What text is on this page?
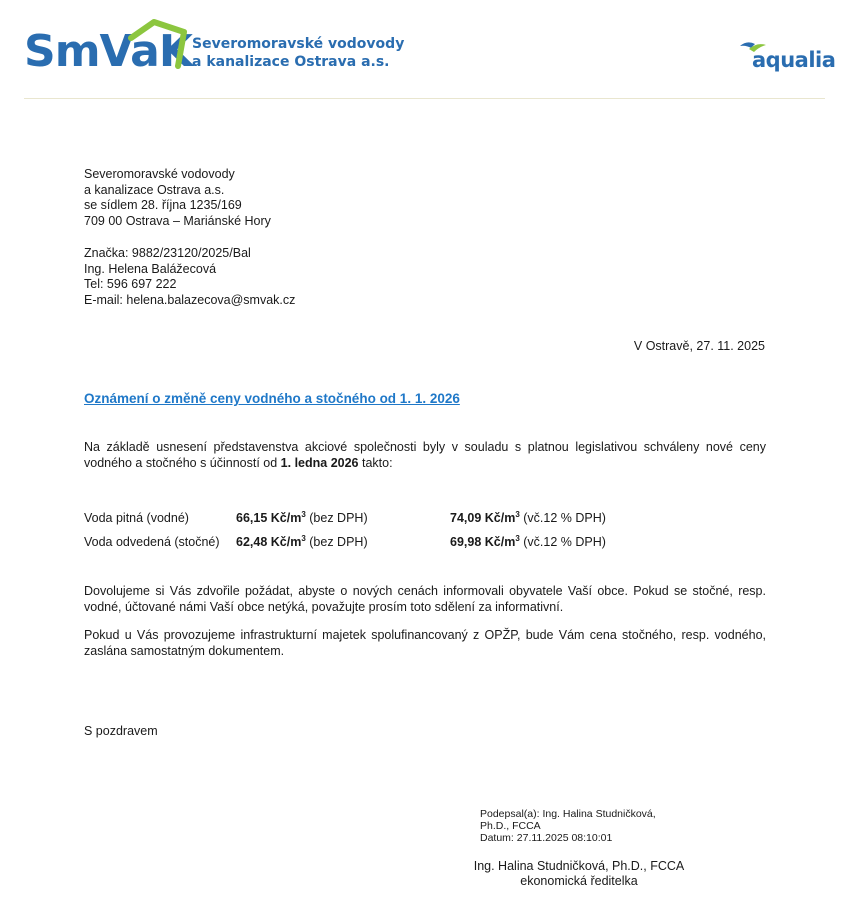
SmVaK Severomoravské vodovody
a kanalizace Ostrava a.s.	aqualia
Severomoravské vodovody
a kanalizace Ostrava a.s.
se sídlem 28. října 1235/169
709 00 Ostrava – Mariánské Hory
Značka: 9882/23120/2025/Bal
Ing. Helena Balážecová
Tel: 596 697 222
E-mail: helena.balazecova@smvak.cz
V Ostravě, 27. 11. 2025
Oznámení o změně ceny vodného a stočného od 1. 1. 2026
Na základě usnesení představenstva akciové společnosti byly v souladu s platnou legislativou schváleny nové ceny vodného a stočného s účinností od 1. ledna 2026 takto:
Voda pitná (vodné)	66,15 $Kč/m^3$ (bez DPH)	74,09 $Kč/m^3$ (vč.12 % DPH)
Voda odvedená (stočné) 62,48 $Kč/m^3$ (bez DPH)	69,98 $Kč/m^3$ (vč.12 % DPH)
Dovolujeme si Vás zdvořile požádat, abyste o nových cenách informovali obyvatele Vaší obce. Pokud se stočné, resp. vodné, účtované námi Vaší obce netýká, považujte prosím toto sdělení za informativní.
Pokud u Vás provozujeme infrastrukturní majetek spolufinancovaný z OPŽP, bude Vám cena stočného, resp. vodného, zaslána samostatným dokumentem.
S pozdravem
Podepsal(a): Ing. Halina Studničková,
Ph.D., FCCA
Datum: 27.11.2025 08:10:01
Ing. Halina Studničková, Ph.D., FCCA
ekonomická ředitelka
